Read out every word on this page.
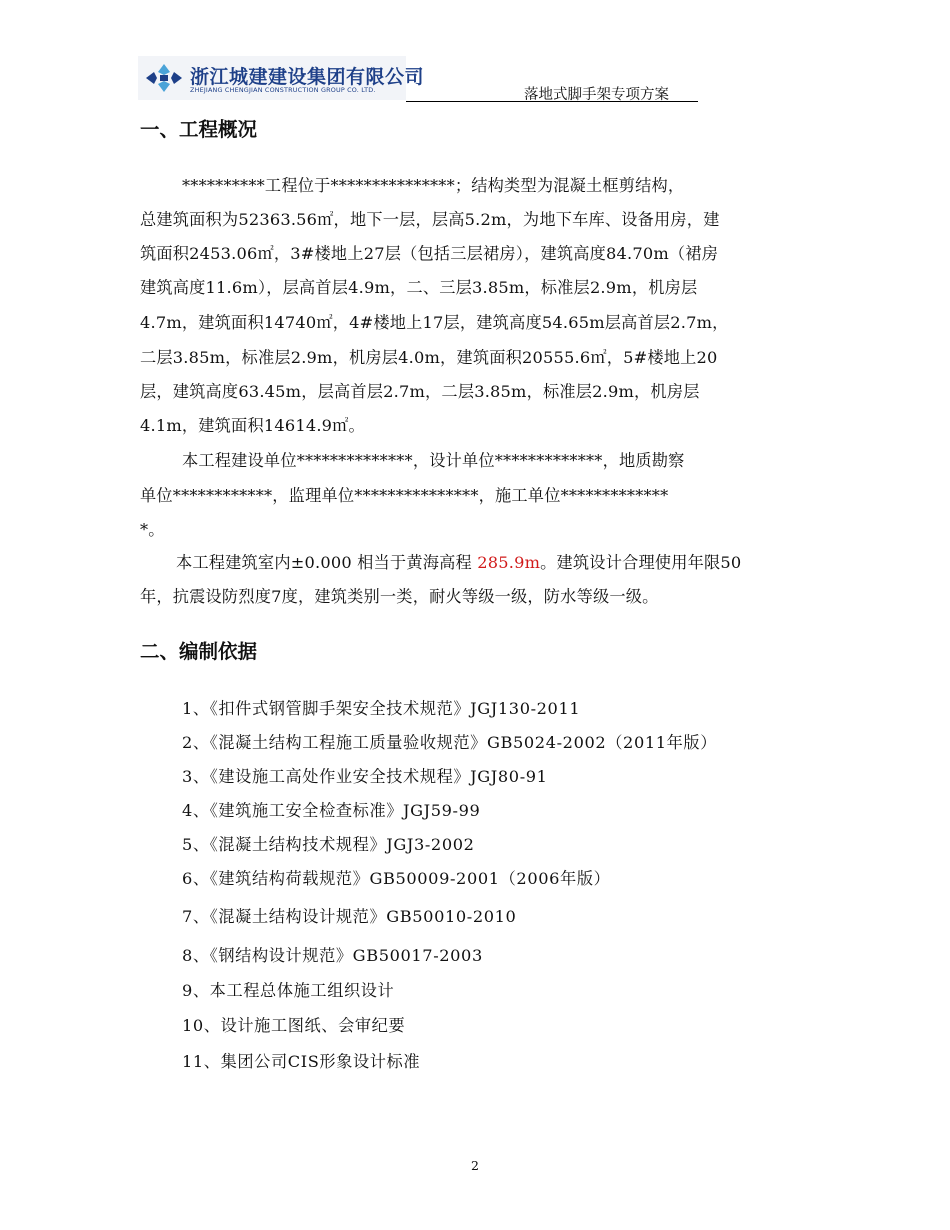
浙江城建建设集团有限公司
ZHEJIANG CHENGJIAN CONSTRUCTION GROUP CO. LTD.	落地式脚手架专项方案
一、工程概况
**********工程位于***************；结构类型为混凝土框剪结构，
总建筑面积为52363.56㎡，地下一层，层高5.2m，为地下车库、设备用房，建
筑面积2453.06㎡，3#楼地上27层（包括三层裙房），建筑高度84.70m（裙房
建筑高度11.6m），层高首层4.9m，二、三层3.85m，标准层2.9m，机房层
4.7m，建筑面积14740㎡，4#楼地上17层，建筑高度54.65m层高首层2.7m，
二层3.85m，标准层2.9m，机房层4.0m，建筑面积20555.6㎡，5#楼地上20
层，建筑高度63.45m，层高首层2.7m，二层3.85m，标准层2.9m，机房层
4.1m，建筑面积14614.9㎡。
本工程建设单位**************，设计单位*************，地质勘察
单位************，监理单位***************，施工单位*************
*。
本工程建筑室内±0.000 相当于黄海高程 285.9m。建筑设计合理使用年限50
年，抗震设防烈度7度，建筑类别一类，耐火等级一级，防水等级一级。
二、编制依据
1、《扣件式钢管脚手架安全技术规范》JGJ130-2011
2、《混凝土结构工程施工质量验收规范》GB5024-2002（2011年版）
3、《建设施工高处作业安全技术规程》JGJ80-91
4、《建筑施工安全检查标准》JGJ59-99
5、《混凝土结构技术规程》JGJ3-2002
6、《建筑结构荷载规范》GB50009-2001（2006年版）
7、《混凝土结构设计规范》GB50010-2010
8、《钢结构设计规范》GB50017-2003
9、本工程总体施工组织设计
10、设计施工图纸、会审纪要
11、集团公司CIS形象设计标准
2
